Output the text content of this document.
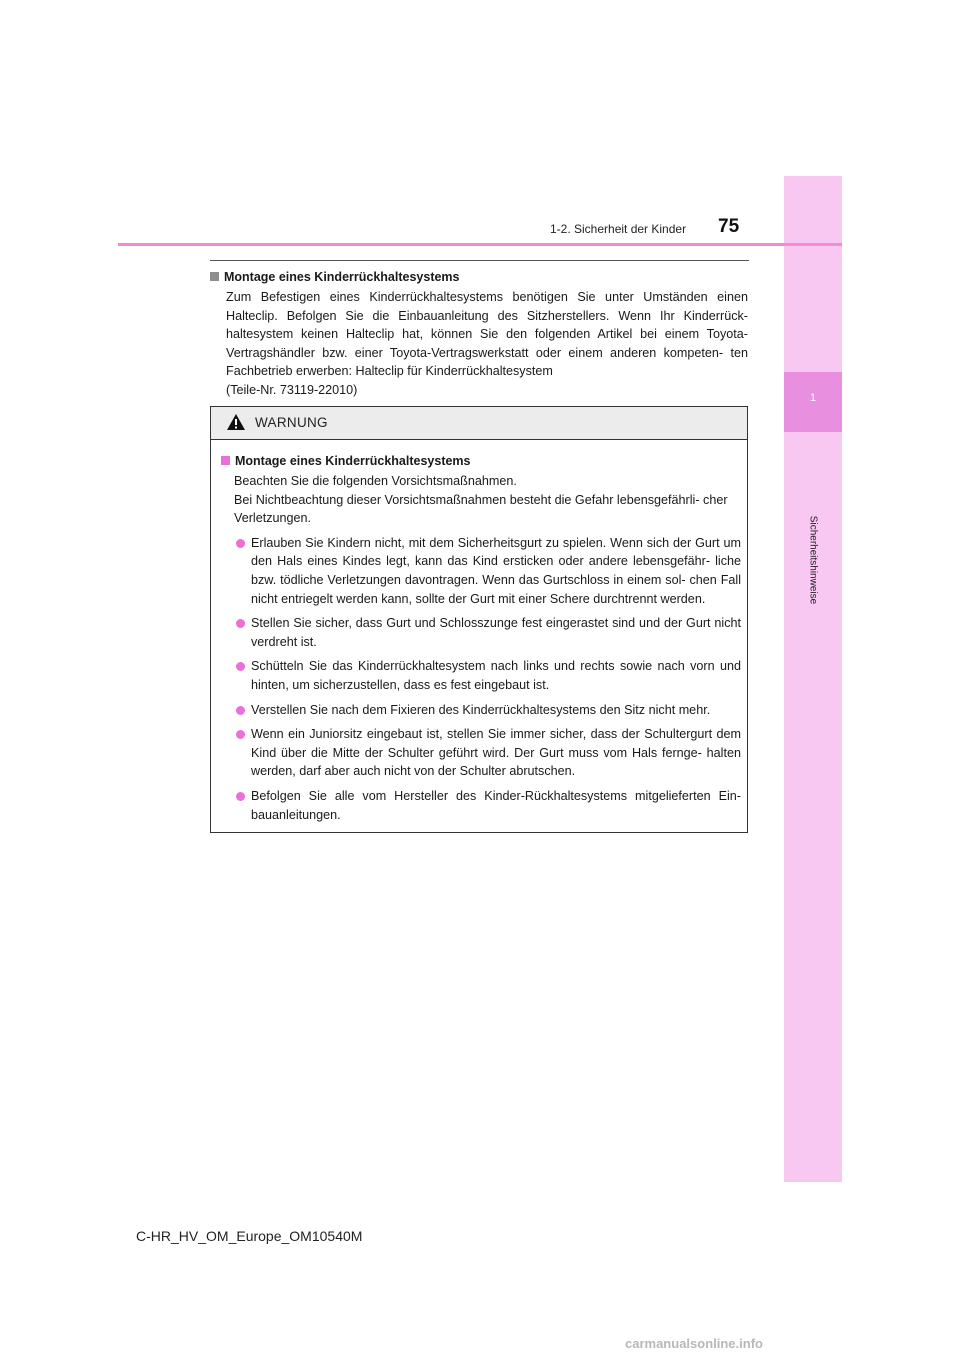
1
Sicherheitshinweise
75
1-2. Sicherheit der Kinder
Montage eines Kinderrückhaltesystems
Zum Befestigen eines Kinderrückhaltesystems benötigen Sie unter Umständen einen Halteclip. Befolgen Sie die Einbauanleitung des Sitzherstellers. Wenn Ihr Kinderrück- haltesystem keinen Halteclip hat, können Sie den folgenden Artikel bei einem Toyota- Vertragshändler bzw. einer Toyota-Vertragswerkstatt oder einem anderen kompeten- ten Fachbetrieb erwerben: Halteclip für Kinderrückhaltesystem
(Teile-Nr. 73119-22010)
WARNUNG
Montage eines Kinderrückhaltesystems
Beachten Sie die folgenden Vorsichtsmaßnahmen.
Bei Nichtbeachtung dieser Vorsichtsmaßnahmen besteht die Gefahr lebensgefährli- cher Verletzungen.
Erlauben Sie Kindern nicht, mit dem Sicherheitsgurt zu spielen. Wenn sich der Gurt um den Hals eines Kindes legt, kann das Kind ersticken oder andere lebensgefähr- liche bzw. tödliche Verletzungen davontragen. Wenn das Gurtschloss in einem sol- chen Fall nicht entriegelt werden kann, sollte der Gurt mit einer Schere durchtrennt werden.
Stellen Sie sicher, dass Gurt und Schlosszunge fest eingerastet sind und der Gurt nicht verdreht ist.
Schütteln Sie das Kinderrückhaltesystem nach links und rechts sowie nach vorn und hinten, um sicherzustellen, dass es fest eingebaut ist.
Verstellen Sie nach dem Fixieren des Kinderrückhaltesystems den Sitz nicht mehr.
Wenn ein Juniorsitz eingebaut ist, stellen Sie immer sicher, dass der Schultergurt dem Kind über die Mitte der Schulter geführt wird. Der Gurt muss vom Hals fernge- halten werden, darf aber auch nicht von der Schulter abrutschen.
Befolgen Sie alle vom Hersteller des Kinder-Rückhaltesystems mitgelieferten Ein- bauanleitungen.
C-HR_HV_OM_Europe_OM10540M
carmanualsonline.info
